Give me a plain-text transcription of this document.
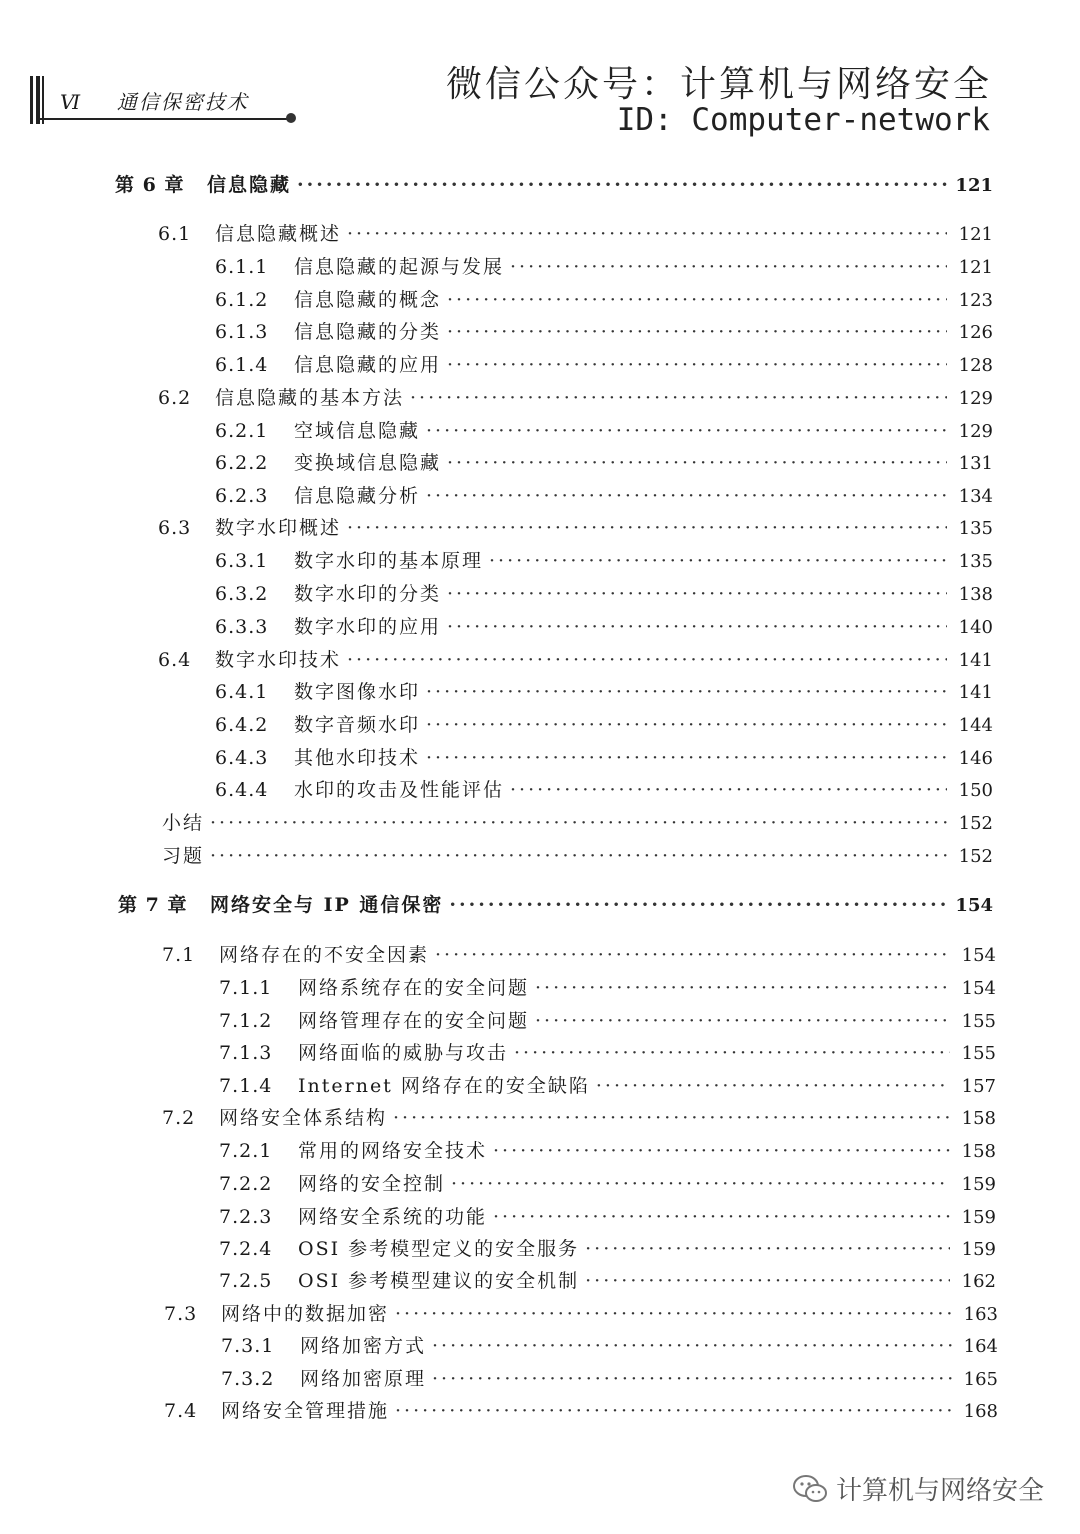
Ⅵ 通信保密技术	微信公众号：计算机与网络安全
ID: Computer-network
第 6 章	信息隐藏 ·····	121
6.1	信息隐藏概述 ·····	121
6.1.1	信息隐藏的起源与发展 ·····	121
6.1.2	信息隐藏的概念 ·····	123
6.1.3	信息隐藏的分类 ·····	126
6.1.4	信息隐藏的应用 ·····	128
6.2	信息隐藏的基本方法 ·····	129
6.2.1	空域信息隐藏 ·····	129
6.2.2	变换域信息隐藏 ·····	131
6.2.3	信息隐藏分析 ·····	134
6.3	数字水印概述 ·····	135
6.3.1	数字水印的基本原理 ·····	135
6.3.2	数字水印的分类 ·····	138
6.3.3	数字水印的应用 ·····	140
6.4	数字水印技术 ·····	141
6.4.1	数字图像水印 ·····	141
6.4.2	数字音频水印 ·····	144
6.4.3	其他水印技术 ·····	146
6.4.4	水印的攻击及性能评估 ·····	150
小结 ·····	152
习题 ·····	152
第 7 章	网络安全与 IP 通信保密 ·····	154
7.1	网络存在的不安全因素 ·····	154
7.1.1	网络系统存在的安全问题 ·····	154
7.1.2	网络管理存在的安全问题 ·····	155
7.1.3	网络面临的威胁与攻击 ·····	155
7.1.4	Internet 网络存在的安全缺陷 ·····	157
7.2	网络安全体系结构 ·····	158
7.2.1	常用的网络安全技术 ·····	158
7.2.2	网络的安全控制 ·····	159
7.2.3	网络安全系统的功能 ·····	159
7.2.4	OSI 参考模型定义的安全服务 ·····	159
7.2.5	OSI 参考模型建议的安全机制 ·····	162
7.3	网络中的数据加密 ·····	163
7.3.1	网络加密方式 ·····	164
7.3.2	网络加密原理 ·····	165
7.4	网络安全管理措施 ·····	168
计算机与网络安全
